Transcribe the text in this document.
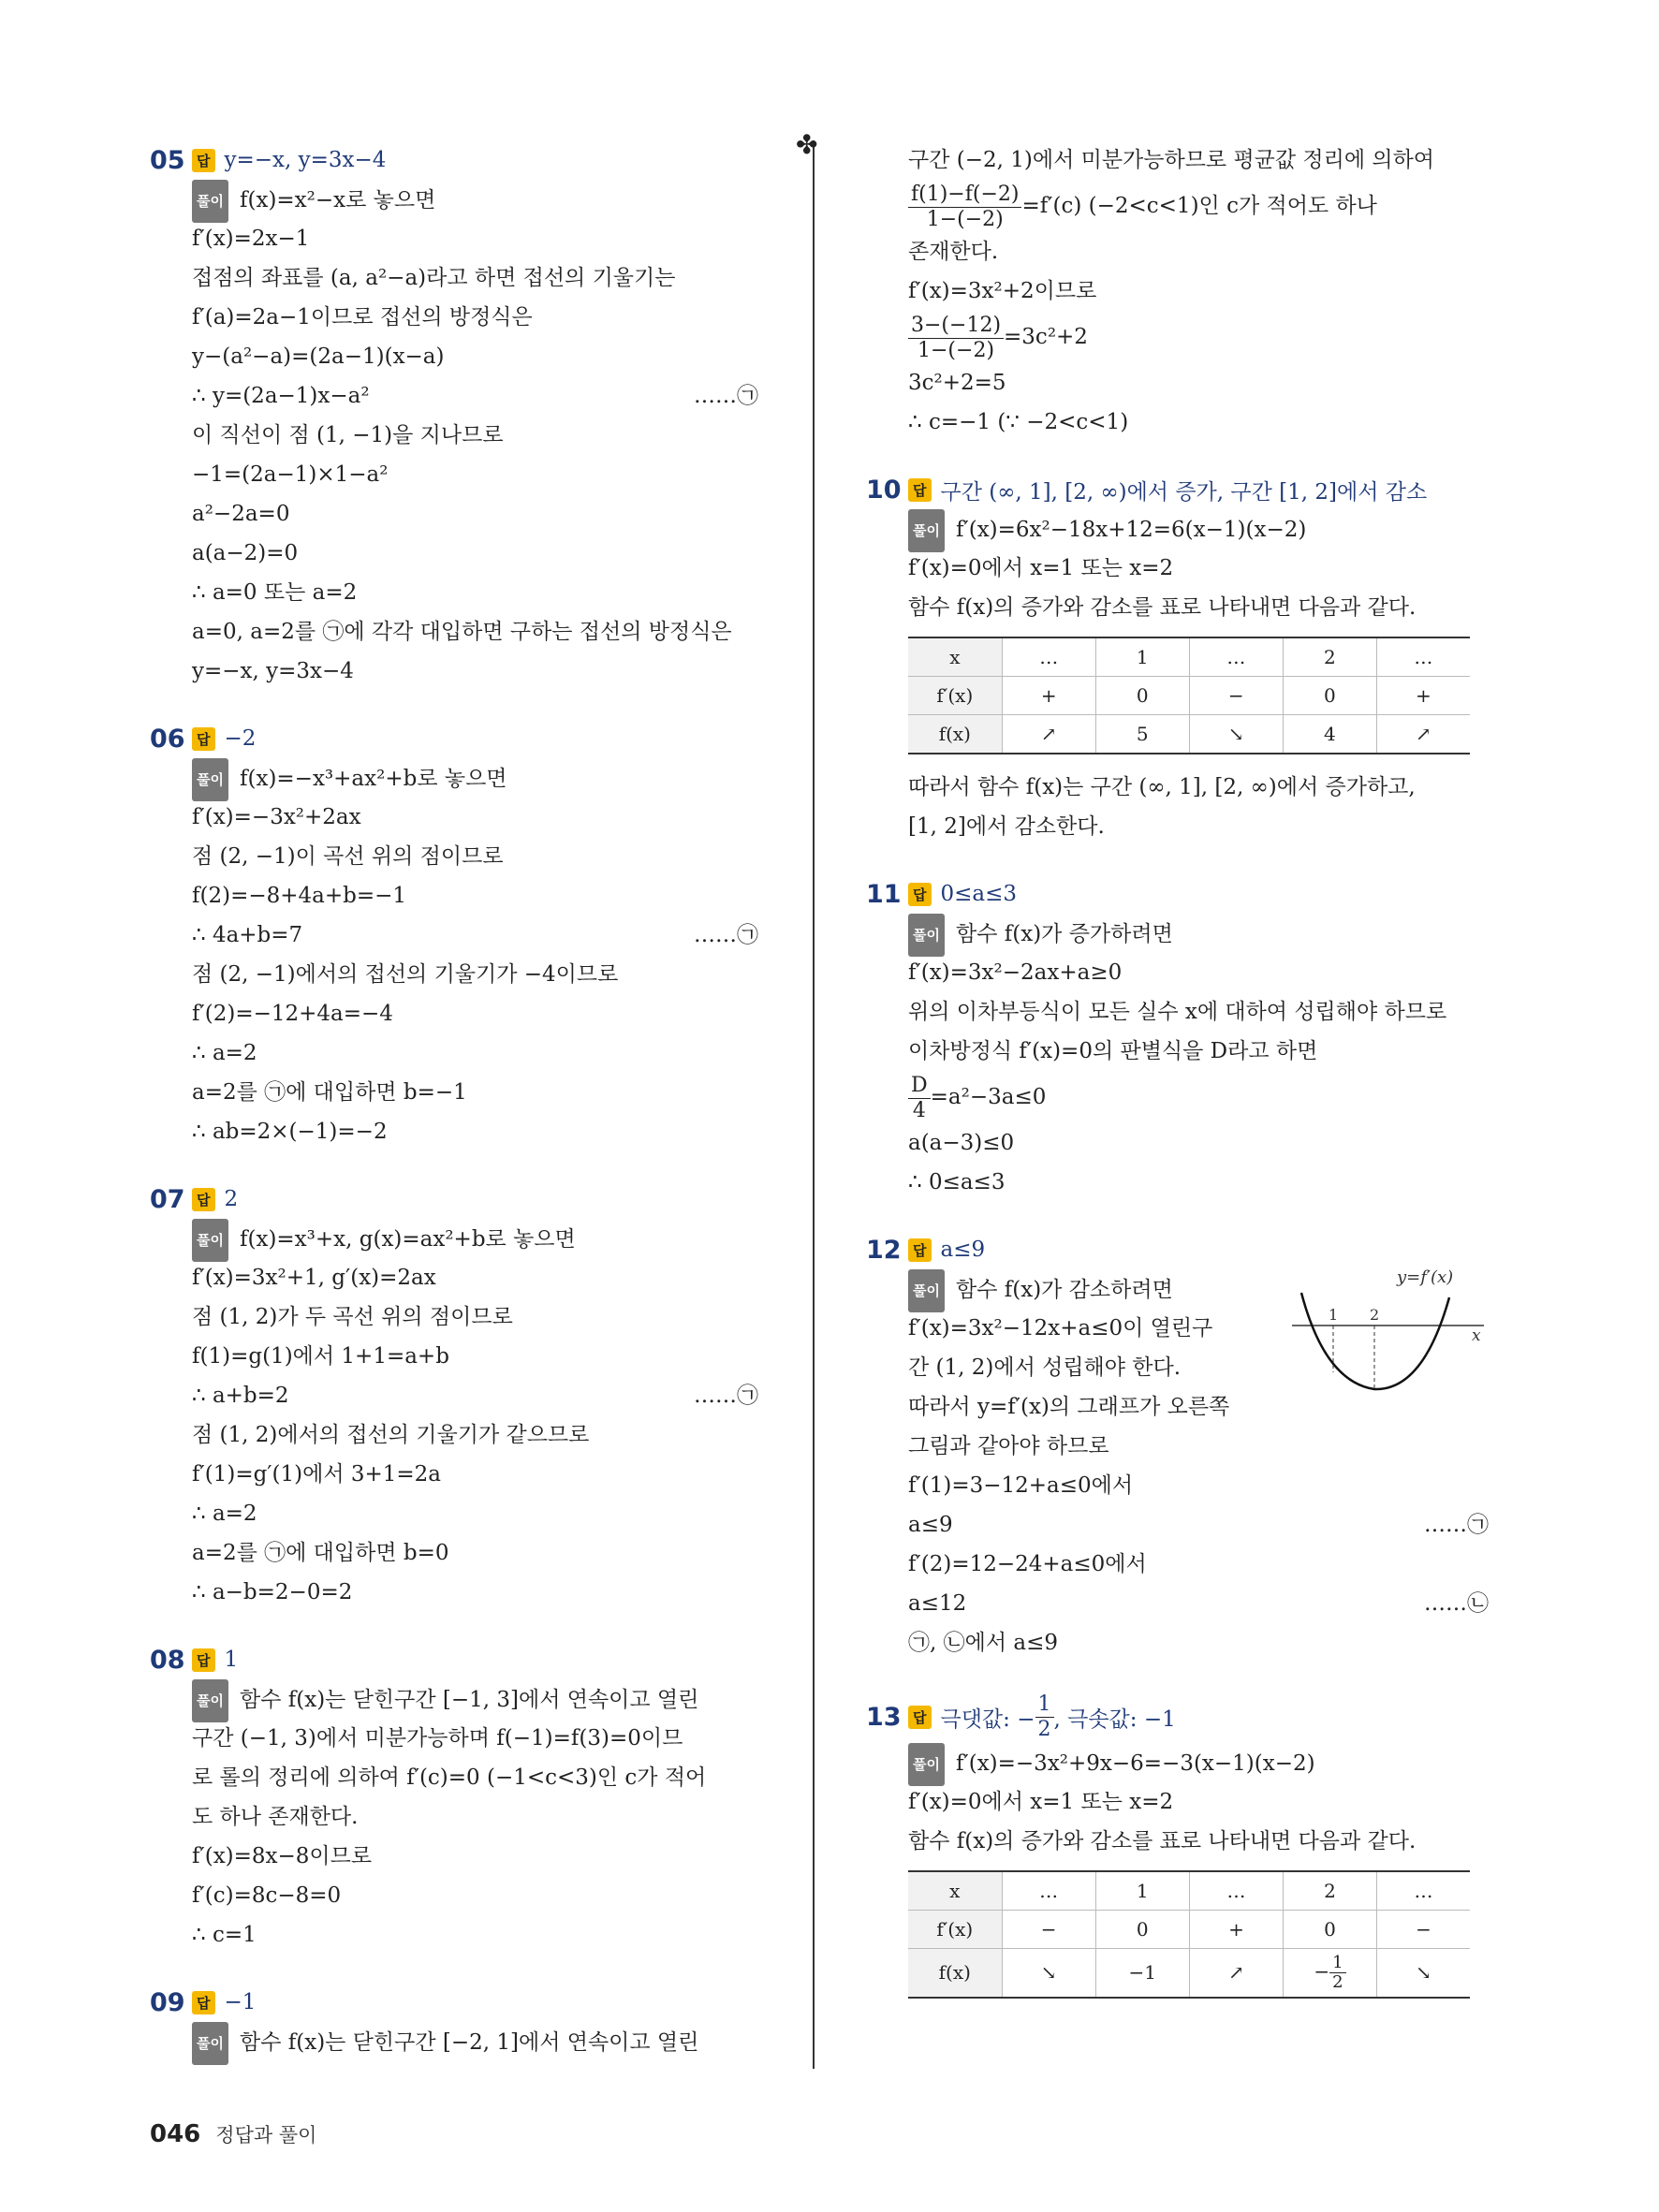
05 답 y=−x, y=3x−4
풀이 f(x)=x²−x로 놓으면
f′(x)=2x−1
접점의 좌표를 (a, a²−a)라고 하면 접선의 기울기는
f′(a)=2a−1이므로 접선의 방정식은
y−(a²−a)=(2a−1)(x−a)
∴ y=(2a−1)x−a²	……㉠
이 직선이 점 (1, −1)을 지나므로
−1=(2a−1)×1−a²
a²−2a=0
a(a−2)=0
∴ a=0 또는 a=2
a=0, a=2를 ㉠에 각각 대입하면 구하는 접선의 방정식은
y=−x, y=3x−4
06 답 −2
풀이 f(x)=−x³+ax²+b로 놓으면
f′(x)=−3x²+2ax
점 (2, −1)이 곡선 위의 점이므로
f(2)=−8+4a+b=−1
∴ 4a+b=7	……㉠
점 (2, −1)에서의 접선의 기울기가 −4이므로
f′(2)=−12+4a=−4
∴ a=2
a=2를 ㉠에 대입하면 b=−1
∴ ab=2×(−1)=−2
07 답 2
풀이 f(x)=x³+x, g(x)=ax²+b로 놓으면
f′(x)=3x²+1, g′(x)=2ax
점 (1, 2)가 두 곡선 위의 점이므로
f(1)=g(1)에서 1+1=a+b
∴ a+b=2	……㉠
점 (1, 2)에서의 접선의 기울기가 같으므로
f′(1)=g′(1)에서 3+1=2a
∴ a=2
a=2를 ㉠에 대입하면 b=0
∴ a−b=2−0=2
08 답 1
풀이 함수 f(x)는 닫힌구간 [−1, 3]에서 연속이고 열린
구간 (−1, 3)에서 미분가능하며 f(−1)=f(3)=0이므
로 롤의 정리에 의하여 f′(c)=0 (−1<c<3)인 c가 적어
도 하나 존재한다.
f′(x)=8x−8이므로
f′(c)=8c−8=0
∴ c=1
09 답 −1
풀이 함수 f(x)는 닫힌구간 [−2, 1]에서 연속이고 열린
✤	구간 (−2, 1)에서 미분가능하므로 평균값 정리에 의하여
$\frac{f(1)-f(-2)}{1-(-2)} =f'(c)$ (−2<c<1)인 c가 적어도 하나
존재한다.
f′(x)=3x²+2이므로
$\frac{3-(-12)}{1-(-2)} =3c^2+2$
3c²+2=5
∴ c=−1 (∵ −2<c<1)
10 답 구간 (∞, 1], [2, ∞)에서 증가, 구간 [1, 2]에서 감소
풀이 f′(x)=6x²−18x+12=6(x−1)(x−2)
f′(x)=0에서 x=1 또는 x=2
함수 f(x)의 증가와 감소를 표로 나타내면 다음과 같다.
x	…	1	…	2	…
f′(x)	+	0	−	0	+
f(x)	↗	5	↘	4	↗
따라서 함수 f(x)는 구간 (∞, 1], [2, ∞)에서 증가하고,
[1, 2]에서 감소한다.
11 답 0≤a≤3
풀이 함수 f(x)가 증가하려면
f′(x)=3x²−2ax+a≥0
위의 이차부등식이 모든 실수 x에 대하여 성립해야 하므로
이차방정식 f′(x)=0의 판별식을 D라고 하면
$\frac{D}{4} =a^2-3a\le 0$
a(a−3)≤0
∴ 0≤a≤3
12 답 a≤9
y=f′(x)
x
1 2
풀이 함수 f(x)가 감소하려면
f′(x)=3x²−12x+a≤0이 열린구
간 (1, 2)에서 성립해야 한다.
따라서 y=f′(x)의 그래프가 오른쪽
그림과 같아야 하므로
f′(1)=3−12+a≤0에서
a≤9	……㉠
f′(2)=12−24+a≤0에서
a≤12	……㉡
㉠, ㉡에서 a≤9
13 답 극댓값: − $\frac{1}{2}$ , 극솟값: −1
풀이 f′(x)=−3x²+9x−6=−3(x−1)(x−2)
f′(x)=0에서 x=1 또는 x=2
함수 f(x)의 증가와 감소를 표로 나타내면 다음과 같다.
x	…	1	…	2	…
f′(x)	−	0	+	0	−
f(x)	↘	−1	↗	− $\frac{1}{2}$	↘
046 정답과 풀이
